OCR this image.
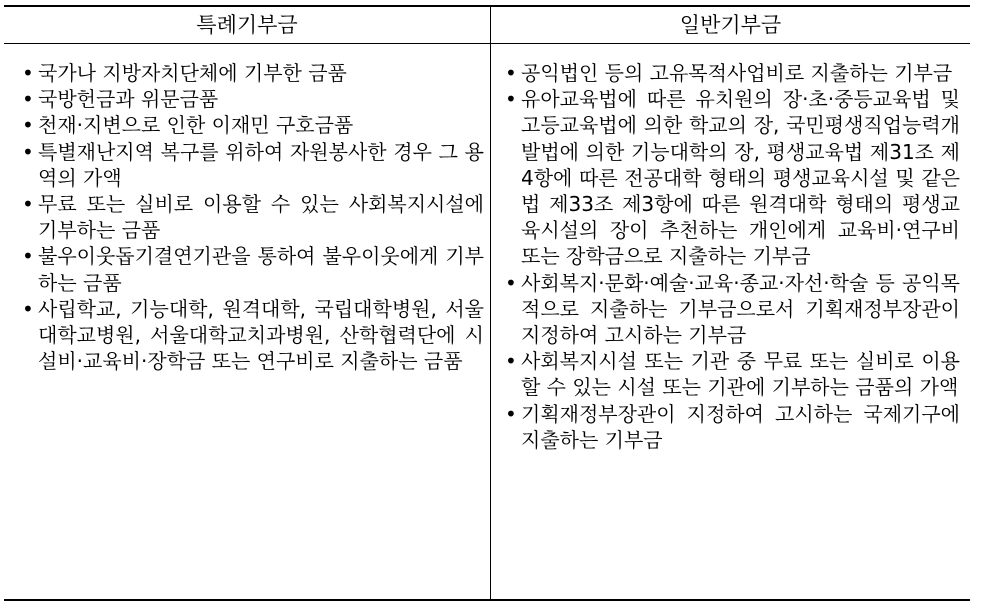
특례기부금	일반기부금
• 국가나 지방자치단체에 기부한 금품
• 국방헌금과 위문금품
• 천재·지변으로 인한 이재민 구호금품
• 특별재난지역 복구를 위하여 자원봉사한 경우 그 용역의 가액
• 무료 또는 실비로 이용할 수 있는 사회복지시설에 기부하는 금품
• 불우이웃돕기결연기관을 통하여 불우이웃에게 기부하는 금품
• 사립학교, 기능대학, 원격대학, 국립대학병원, 서울대학교병원, 서울대학교치과병원, 산학협력단에 시설비·교육비·장학금 또는 연구비로 지출하는 금품
• 공익법인 등의 고유목적사업비로 지출하는 기부금
• 유아교육법에 따른 유치원의 장·초·중등교육법 및 고등교육법에 의한 학교의 장, 국민평생직업능력개발법에 의한 기능대학의 장, 평생교육법 제31조 제4항에 따른 전공대학 형태의 평생교육시설 및 같은 법 제33조 제3항에 따른 원격대학 형태의 평생교육시설의 장이 추천하는 개인에게 교육비·연구비 또는 장학금으로 지출하는 기부금
• 사회복지·문화·예술·교육·종교·자선·학술 등 공익목적으로 지출하는 기부금으로서 기획재정부장관이 지정하여 고시하는 기부금
• 사회복지시설 또는 기관 중 무료 또는 실비로 이용할 수 있는 시설 또는 기관에 기부하는 금품의 가액
• 기획재정부장관이 지정하여 고시하는 국제기구에 지출하는 기부금
